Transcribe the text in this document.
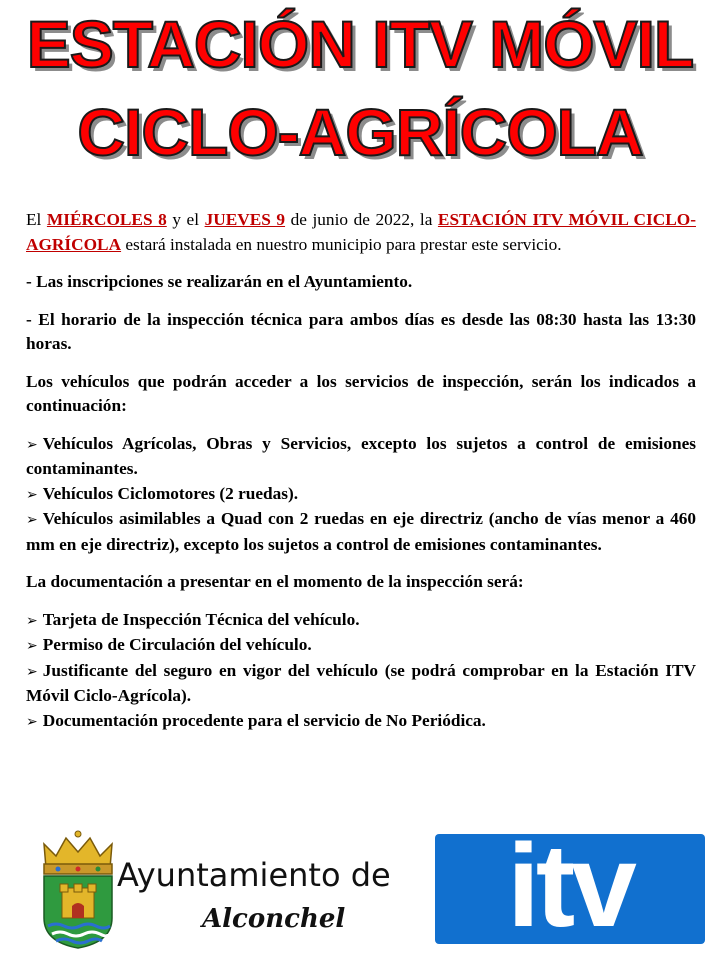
ESTACIÓN ITV MÓVIL
CICLO-AGRÍCOLA

El MIÉRCOLES 8 y el JUEVES 9 de junio de 2022, la ESTACIÓN ITV MÓVIL CICLO-AGRÍCOLA estará instalada en nuestro municipio para prestar este servicio.

- Las inscripciones se realizarán en el Ayuntamiento.

- El horario de la inspección técnica para ambos días es desde las 08:30 hasta las 13:30 horas.

Los vehículos que podrán acceder a los servicios de inspección, serán los indicados a continuación:

➢ Vehículos Agrícolas, Obras y Servicios, excepto los sujetos a control de emisiones contaminantes.
➢ Vehículos Ciclomotores (2 ruedas).
➢ Vehículos asimilables a Quad con 2 ruedas en eje directriz (ancho de vías menor a 460 mm en eje directriz), excepto los sujetos a control de emisiones contaminantes.

La documentación a presentar en el momento de la inspección será:

➢ Tarjeta de Inspección Técnica del vehículo.
➢ Permiso de Circulación del vehículo.
➢ Justificante del seguro en vigor del vehículo (se podrá comprobar en la Estación ITV Móvil Ciclo-Agrícola).
➢ Documentación procedente para el servicio de No Periódica.
Ayuntamiento de
Alconchel itv
